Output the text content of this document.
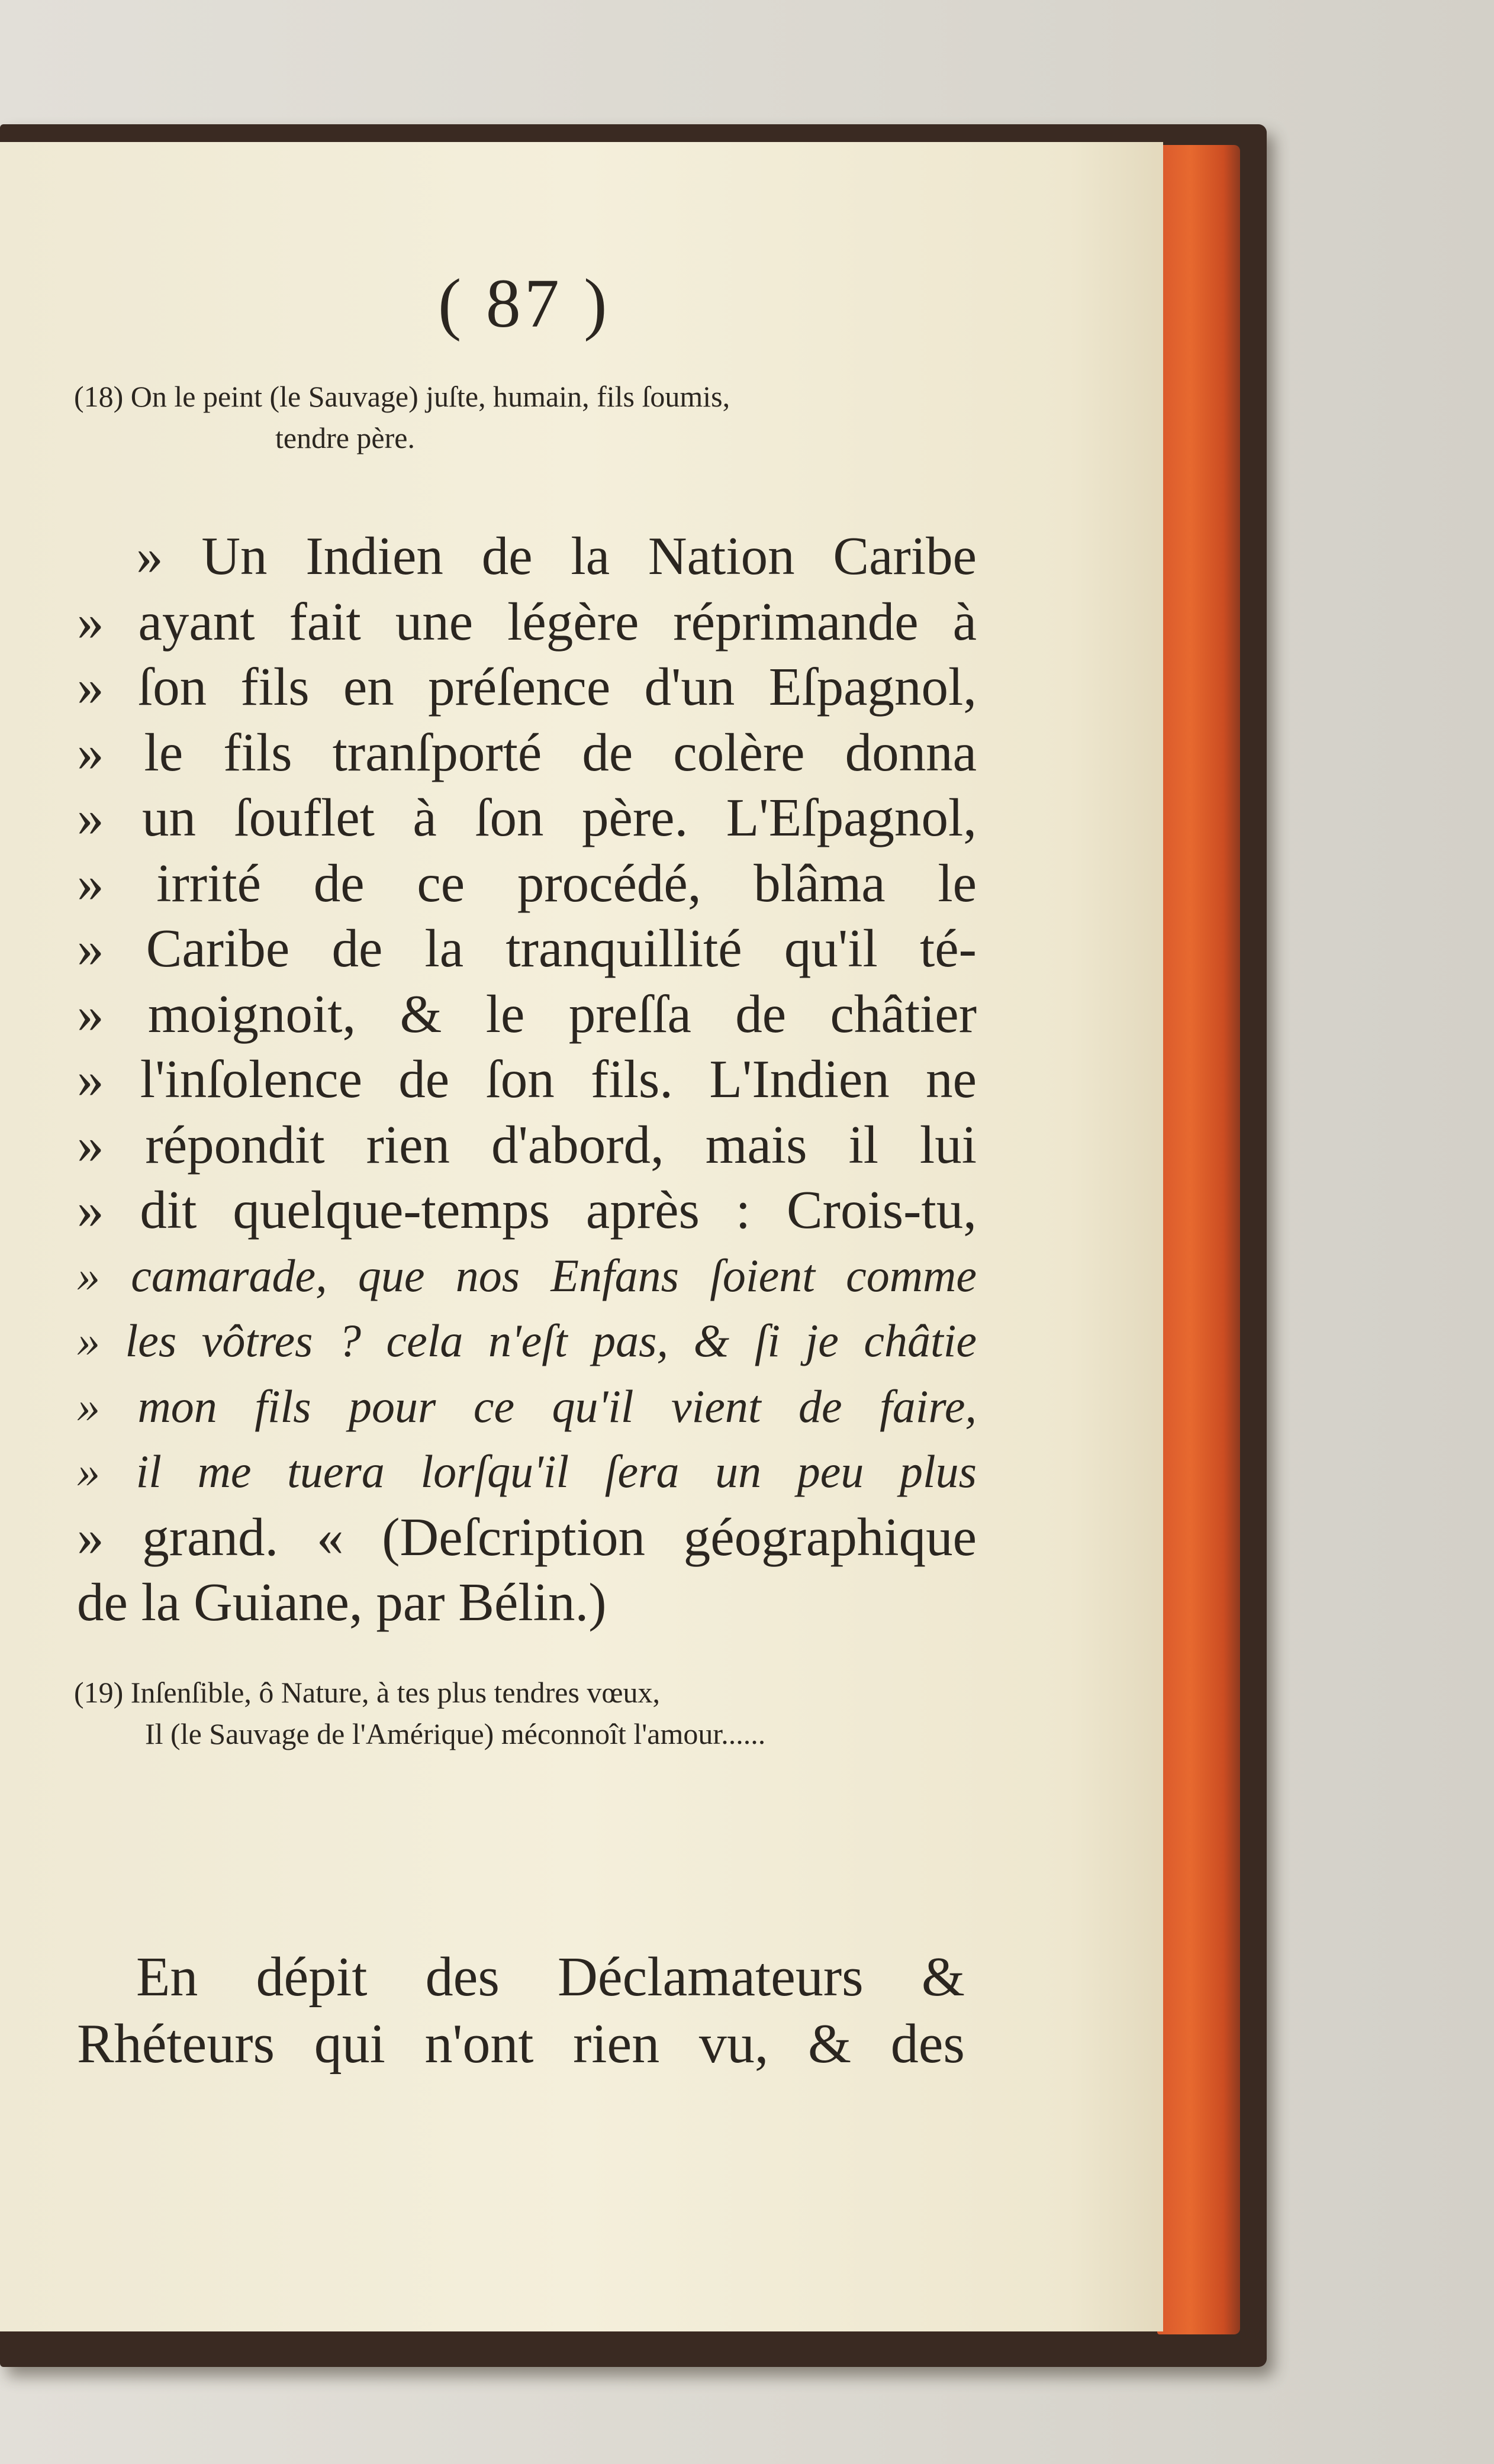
( 87 )
(18) On le peint (le Sauvage) juſte, humain, fils ſoumis,
tendre père.
» Un Indien de la Nation Caribe
» ayant fait une légère réprimande à
» ſon fils en préſence d'un Eſpagnol,
» le fils tranſporté de colère donna
» un ſouflet à ſon père. L'Eſpagnol,
» irrité de ce procédé, blâma le
» Caribe de la tranquillité qu'il té-
» moignoit, & le preſſa de châtier
» l'inſolence de ſon fils. L'Indien ne
» répondit rien d'abord, mais il lui
» dit quelque-temps après : Crois-tu,
» camarade, que nos Enfans ſoient comme
» les vôtres ? cela n'eſt pas, & ſi je châtie
» mon fils pour ce qu'il vient de faire,
» il me tuera lorſqu'il ſera un peu plus
» grand. « (Deſcription géographique
de la Guiane, par Bélin.)
(19) Inſenſible, ô Nature, à tes plus tendres vœux,
Il (le Sauvage de l'Amérique) méconnoît l'amour......
En dépit des Déclamateurs &
Rhéteurs qui n'ont rien vu, & des
